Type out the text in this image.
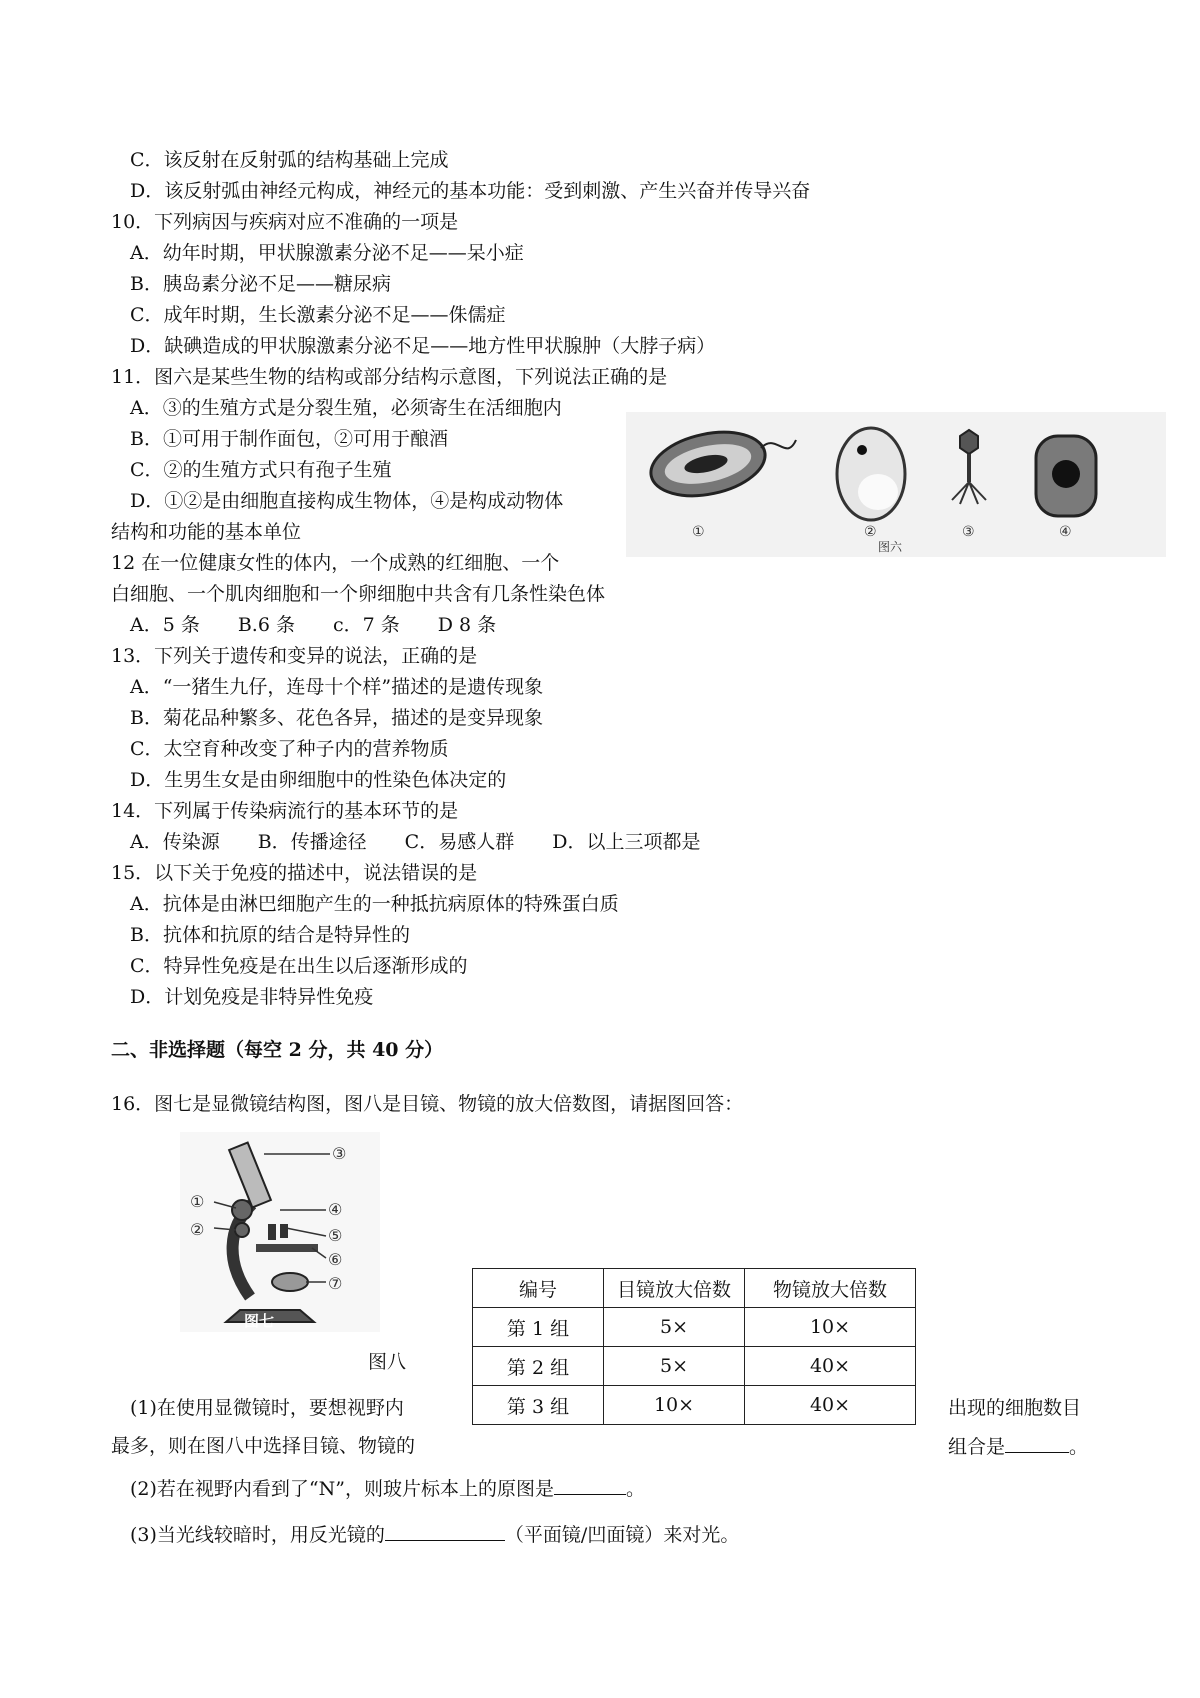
C．该反射在反射弧的结构基础上完成
D．该反射弧由神经元构成，神经元的基本功能：受到刺激、产生兴奋并传导兴奋
10．下列病因与疾病对应不准确的一项是
A．幼年时期，甲状腺激素分泌不足——呆小症
B．胰岛素分泌不足——糖尿病
C．成年时期，生长激素分泌不足——侏儒症
D．缺碘造成的甲状腺激素分泌不足——地方性甲状腺肿（大脖子病）
11．图六是某些生物的结构或部分结构示意图，下列说法正确的是
A．③的生殖方式是分裂生殖，必须寄生在活细胞内
B．①可用于制作面包，②可用于酿酒
C．②的生殖方式只有孢子生殖
D．①②是由细胞直接构成生物体，④是构成动物体
结构和功能的基本单位
12 在一位健康女性的体内，一个成熟的红细胞、一个
白细胞、一个肌肉细胞和一个卵细胞中共含有几条性染色体
A．5 条　　B.6 条　　c．7 条　　D 8 条
13．下列关于遗传和变异的说法，正确的是
A．“一猪生九仔，连母十个样”描述的是遗传现象
B．菊花品种繁多、花色各异，描述的是变异现象
C．太空育种改变了种子内的营养物质
D．生男生女是由卵细胞中的性染色体决定的
14．下列属于传染病流行的基本环节的是
A．传染源　　B．传播途径　　C．易感人群　　D．以上三项都是
15．以下关于免疫的描述中，说法错误的是
A．抗体是由淋巴细胞产生的一种抵抗病原体的特殊蛋白质
B．抗体和抗原的结合是特异性的
C．特异性免疫是在出生以后逐渐形成的
D．计划免疫是非特异性免疫
二、非选择题（每空 2 分，共 40 分）
16．图七是显微镜结构图，图八是目镜、物镜的放大倍数图，请据图回答：
①	②	③	④
图六
③
①
②
④
⑤
⑥
⑦
图七
图八
编号	目镜放大倍数	物镜放大倍数
第 1 组	5×	10×
第 2 组	5×	40×
第 3 组	10×	40×
(1)在使用显微镜时，要想视野内	出现的细胞数目
最多，则在图八中选择目镜、物镜的	组合是	。
(2)若在视野内看到了“N”，则玻片标本上的原图是	。
(3)当光线较暗时，用反光镜的	（平面镜/凹面镜）来对光。
